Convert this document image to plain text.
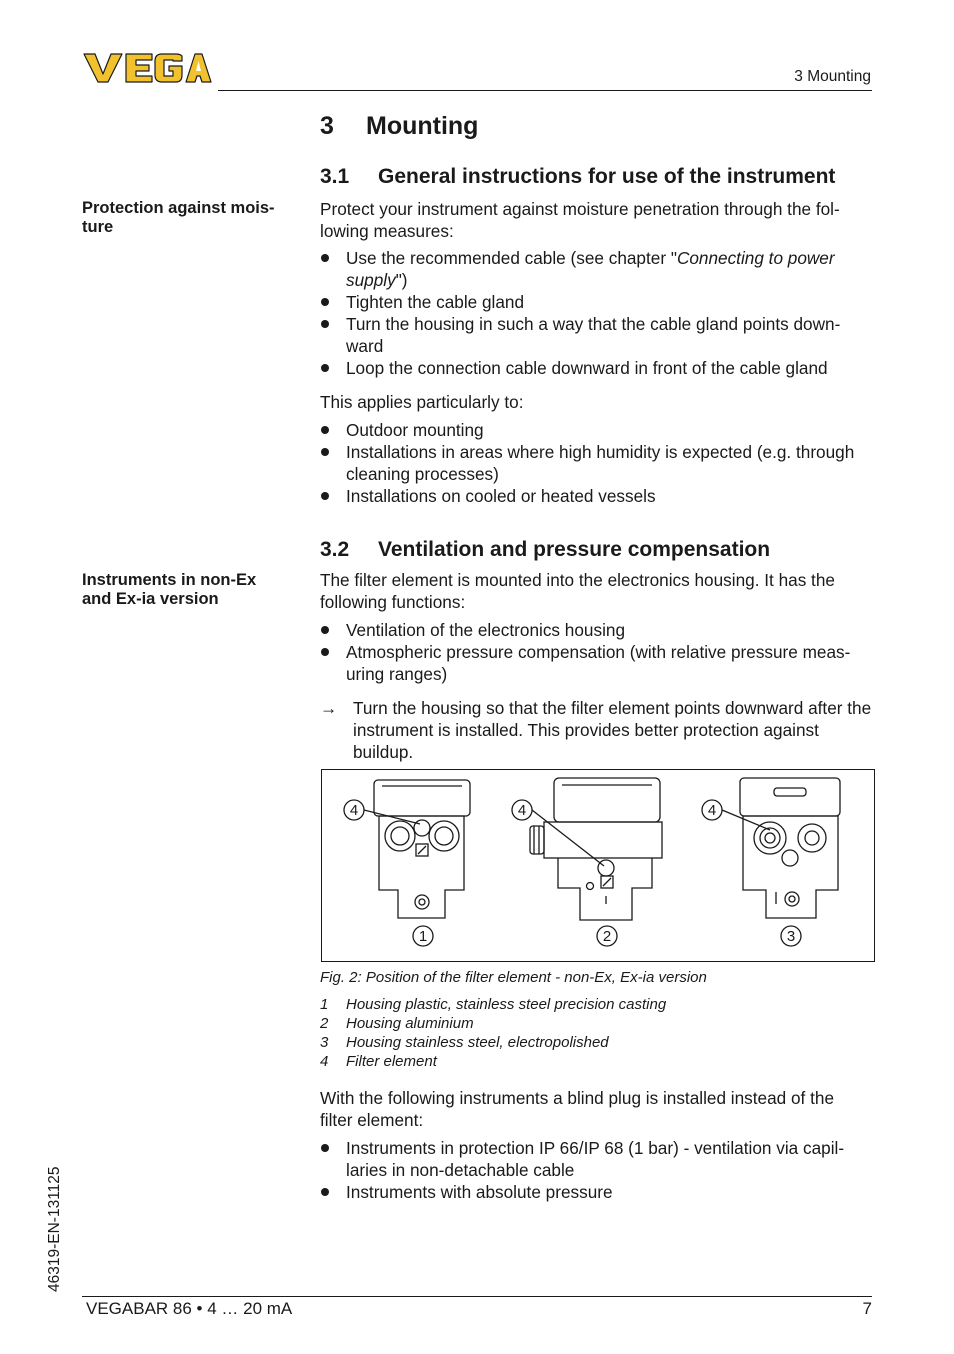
3 Mounting
3 Mounting
3.1 General instructions for use of the instrument
Protection against mois-
ture
Protect your instrument against moisture penetration through the fol-
lowing measures:
Use the recommended cable (see chapter "Connecting to power supply")
Tighten the cable gland
Turn the housing in such a way that the cable gland points down-
ward
Loop the connection cable downward in front of the cable gland
This applies particularly to:
Outdoor mounting
Installations in areas where high humidity is expected (e.g. through cleaning processes)
Installations on cooled or heated vessels
3.2 Ventilation and pressure compensation
Instruments in non-Ex
and Ex-ia version
The filter element is mounted into the electronics housing. It has the following functions:
Ventilation of the electronics housing
Atmospheric pressure compensation (with relative pressure meas-
uring ranges)
→ Turn the housing so that the filter element points downward after the instrument is installed. This provides better protection against buildup.
4	4	4
1	2	3
Fig. 2: Position of the filter element - non-Ex, Ex-ia version
1 Housing plastic, stainless steel precision casting
2 Housing aluminium
3 Housing stainless steel, electropolished
4 Filter element
With the following instruments a blind plug is installed instead of the
filter element:
Instruments in protection IP 66/IP 68 (1 bar) - ventilation via capil-
laries in non-detachable cable
Instruments with absolute pressure
46319-EN-131125
VEGABAR 86 • 4 … 20 mA	7
